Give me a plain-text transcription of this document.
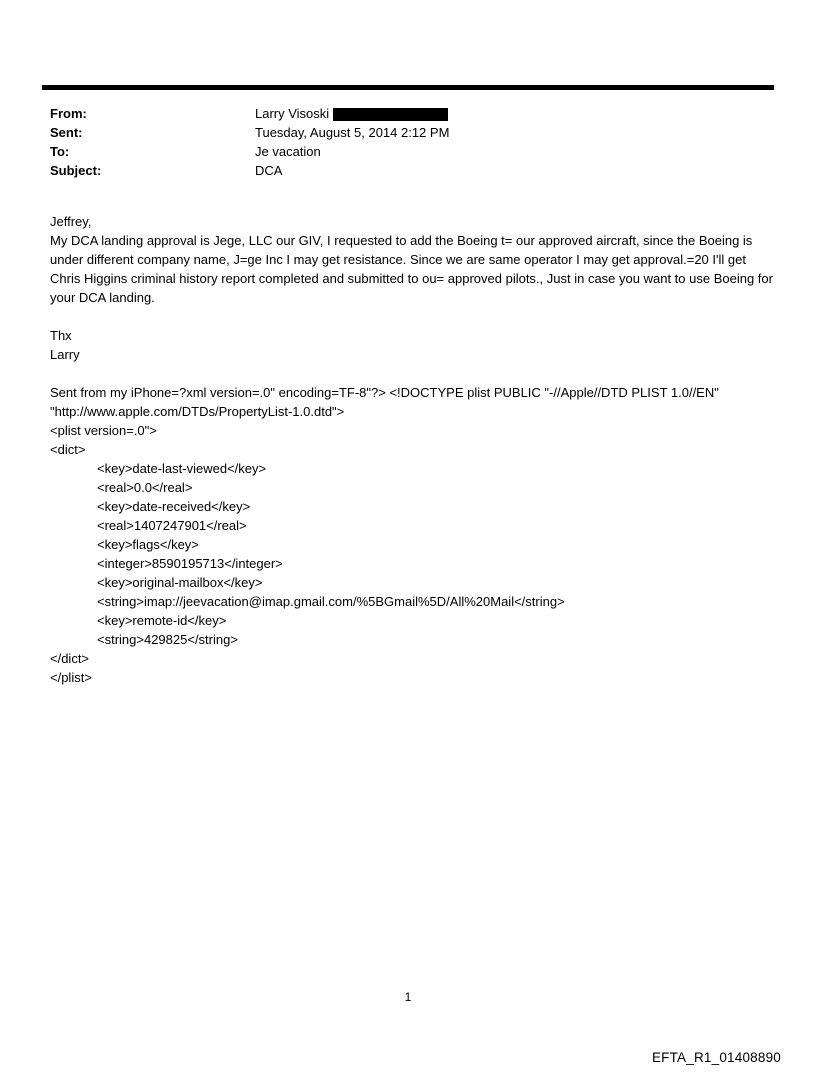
From:	Larry Visoski
Sent:	Tuesday, August 5, 2014 2:12 PM
To:	Je vacation
Subject:	DCA
Jeffrey,
My DCA landing approval is Jege, LLC our GIV, I requested to add the Boeing t= our approved aircraft, since the Boeing is under different company name, J=ge Inc I may get resistance. Since we are same operator I may get approval.=20 I'll get Chris Higgins criminal history report completed and submitted to ou= approved pilots., Just in case you want to use Boeing for your DCA landing.
Thx
Larry
Sent from my iPhone=?xml version=.0" encoding=TF-8"?> <!DOCTYPE plist PUBLIC "-//Apple//DTD PLIST 1.0//EN" "http://www.apple.com/DTDs/PropertyList-1.0.dtd">
<plist version=.0">
<dict>
<key>date-last-viewed</key>
<real>0.0</real>
<key>date-received</key>
<real>1407247901</real>
<key>flags</key>
<integer>8590195713</integer>
<key>original-mailbox</key>
<string>imap://jeevacation@imap.gmail.com/%5BGmail%5D/All%20Mail</string>
<key>remote-id</key>
<string>429825</string>
</dict>
</plist>
1
EFTA_R1_01408890
